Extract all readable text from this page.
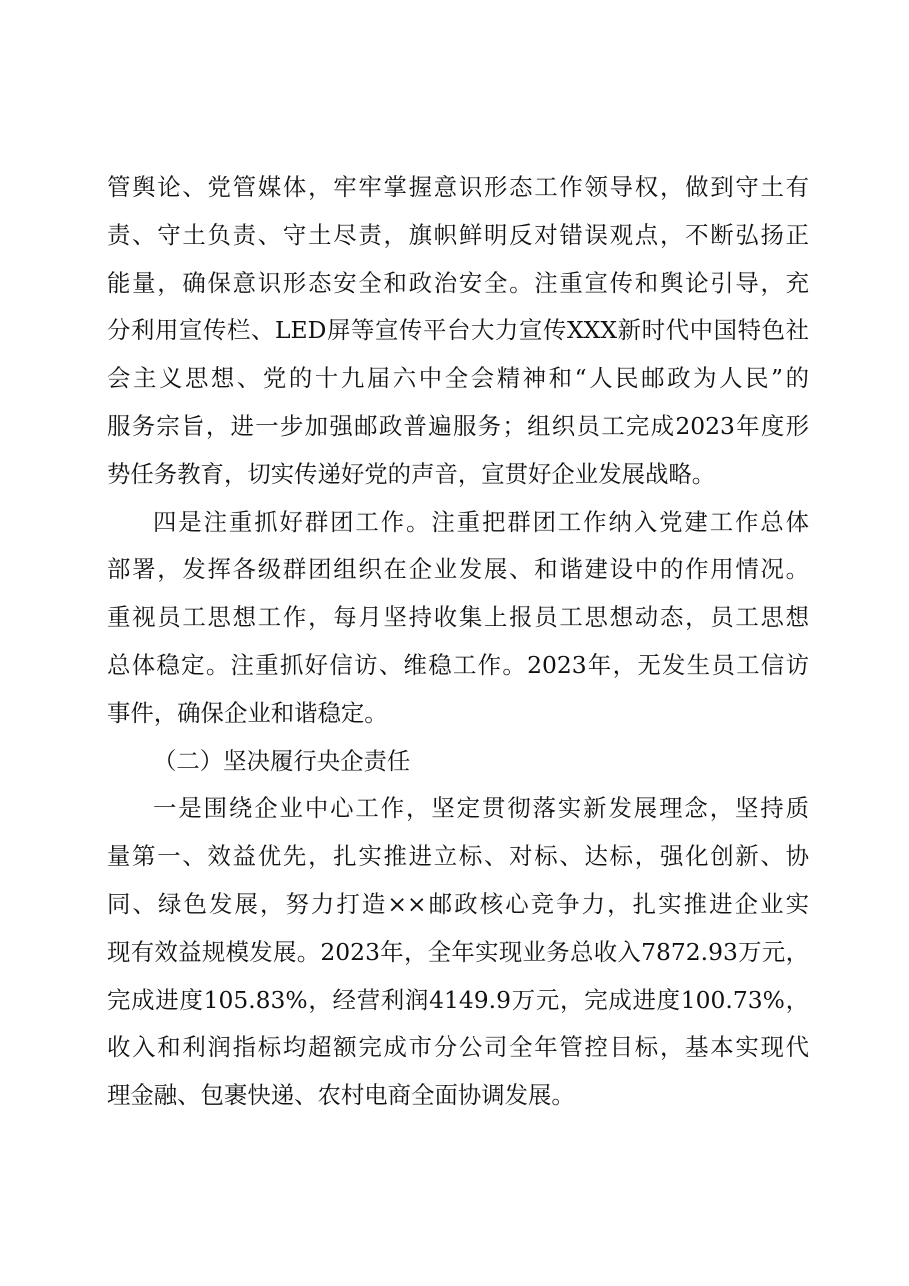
管舆论、党管媒体，牢牢掌握意识形态工作领导权，做到守土有
责、守土负责、守土尽责，旗帜鲜明反对错误观点，不断弘扬正
能量，确保意识形态安全和政治安全。注重宣传和舆论引导，充
分利用宣传栏、LED屏等宣传平台大力宣传XXX新时代中国特色社
会主义思想、党的十九届六中全会精神和“人民邮政为人民”的
服务宗旨，进一步加强邮政普遍服务；组织员工完成2023年度形
势任务教育，切实传递好党的声音，宣贯好企业发展战略。
四是注重抓好群团工作。注重把群团工作纳入党建工作总体
部署，发挥各级群团组织在企业发展、和谐建设中的作用情况。
重视员工思想工作，每月坚持收集上报员工思想动态，员工思想
总体稳定。注重抓好信访、维稳工作。2023年，无发生员工信访
事件，确保企业和谐稳定。
（二）坚决履行央企责任
一是围绕企业中心工作，坚定贯彻落实新发展理念，坚持质
量第一、效益优先，扎实推进立标、对标、达标，强化创新、协
同、绿色发展，努力打造××邮政核心竞争力，扎实推进企业实
现有效益规模发展。2023年，全年实现业务总收入7872.93万元，
完成进度105.83%，经营利润4149.9万元，完成进度100.73%，
收入和利润指标均超额完成市分公司全年管控目标，基本实现代
理金融、包裹快递、农村电商全面协调发展。
